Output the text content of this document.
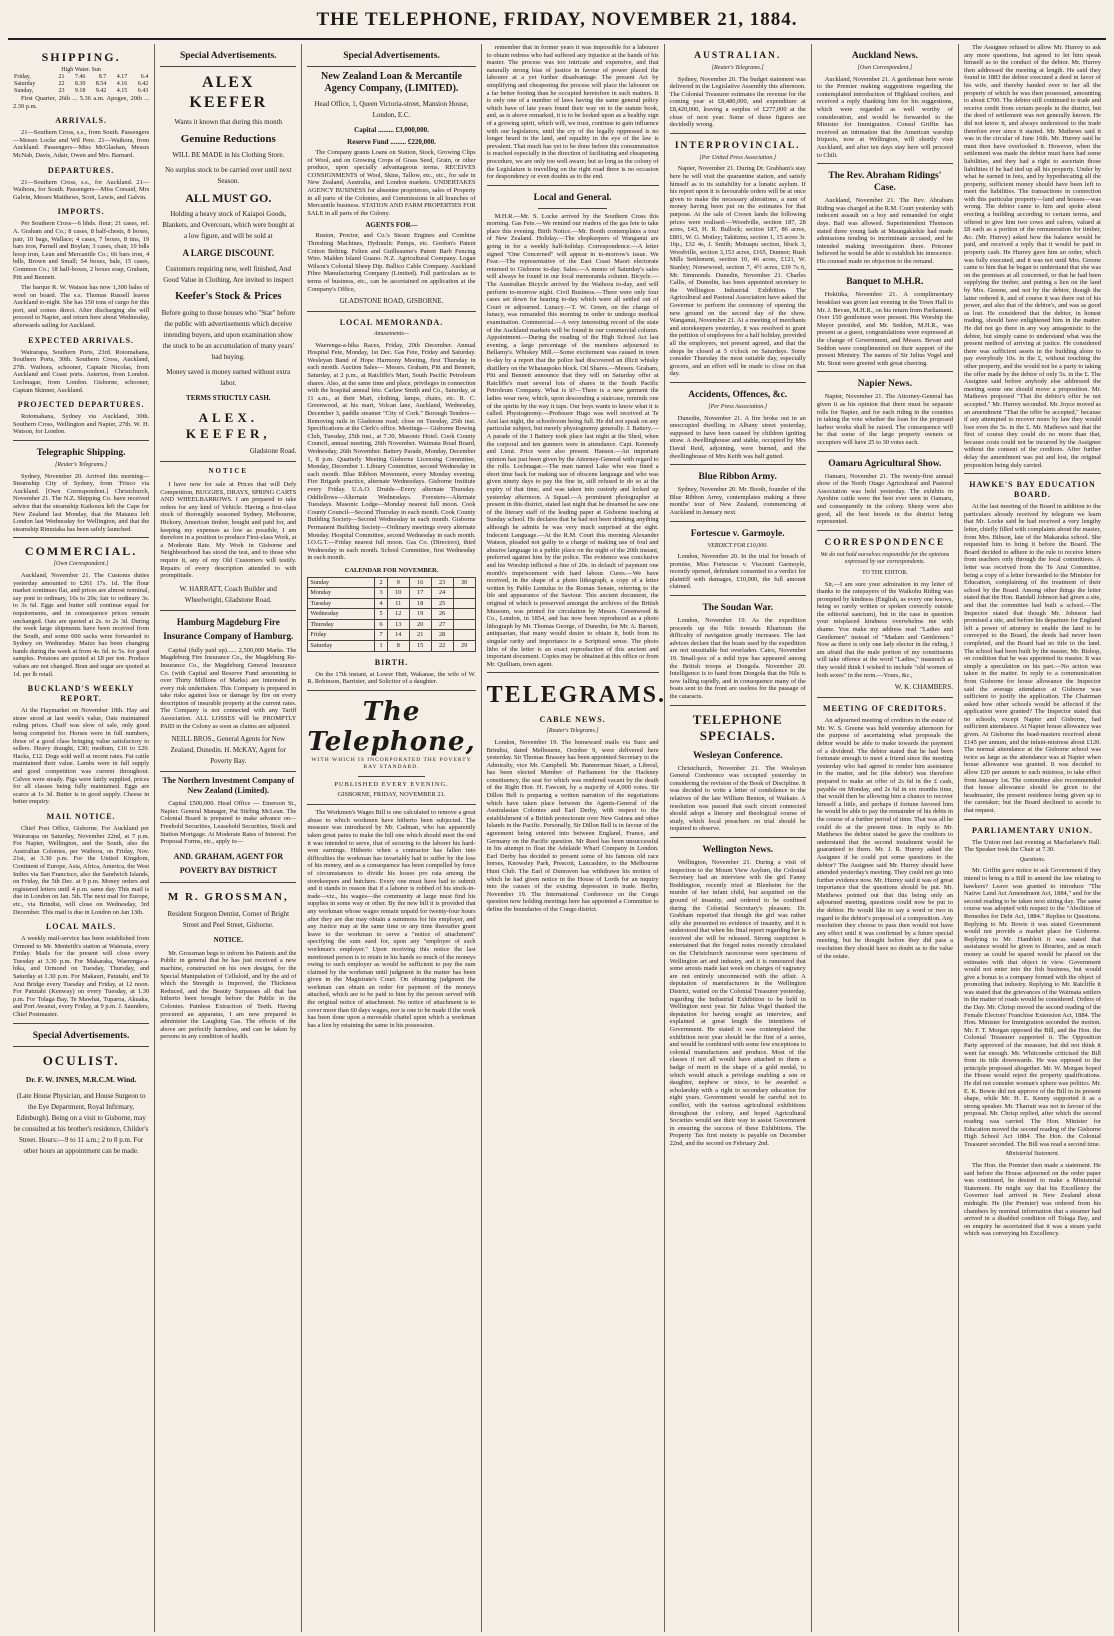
THE TELEPHONE, FRIDAY, NOVEMBER 21, 1884.
SHIPPING.
High Water. Sun
Friday,	21	7.46	8.7	4.17	6.4
Saturday	22	8.30	8.54	4.16	6.42
Sunday,	23	9.18	9.42	4.15	6.43
First Quarter, 26th ... 5.36 a.m. Apogee, 20th ... 2.30 p.m.
ARRIVALS.
21—Southern Cross, s.s., from South. Passengers—Messrs Locke and Wil Pere. 21—Waihora, from Auckland. Passengers—Miss McGlashan, Messrs McNab, Davis, Adair, Owen and Mrs. Barnard.
DEPARTURES.
21—Southern Cross, s.s., for Auckland. 21—Waihora, for South. Passengers—Miss Corsaid, Mrs Galvin, Messrs Matthews, Scott, Lewis, and Galvin.
IMPORTS.
Per Southern Cross—6 hhds. flour; 21 cases, ref. A. Graham and Co.; 8 cases, 8 half-chests, 8 boxes, pair, 10 bags, Wallace; 4 cases, 7 boxes, 8 tins, 19 bars iron, Parnell and Boylan; 3 cases, chair, 19 bdls hoop iron, Lean and Mercantile Co.; 66 bars iron, 4 bdls, Brown and Small; 54 boxes, bale, 15 cases, Common Co.; 18 half-boxes, 2 boxes soap, Graham, Pitt and Bennett.
The barque R. W. Watson has now 1,300 bales of wool on board. The s.s. Thomas Russell leaves Auckland to-night. She has 150 tons of cargo for this port, and comes direct. After discharging she will proceed to Napier, and return here about Wednesday, afterwards sailing for Auckland.
EXPECTED ARRIVALS.
Wairarapa, Southern Ports, 23rd. Rotomahana, Southern Ports, 30th. Southern Cross, Auckland, 27th. Waihora, schooner, Captain Nicolas, from Auckland and Coast ports. Asterion, from London. Lochnagar, from London. Gisborne, schooner, Captain Skinner, Auckland.
PROJECTED DEPARTURES.
Rotomahana, Sydney via Auckland, 30th. Southern Cross, Wellington and Napier, 27th. W. H. Watson, for London.
Telegraphic Shipping.
[Reuter's Telegrams.]
Sydney, November 20. Arrived this morning—Steamship City of Sydney, from 'Frisco via Auckland. [Own Correspondent.] Christchurch, November 21. The N.Z. Shipping Co. have received advice that the steamship Kaikoura left the Cape for New Zealand last Monday, that the Mataura left London last Wednesday for Wellington, and that the steamship Rimutaka has been safely launched.
COMMERCIAL.
[Own Correspondent.]
Auckland, November 21. The Customs duties yesterday amounted to £261 17s. 1d. The flour market continues flat, and prices are almost nominal, say pont to ordinary, 10s to 20s; fair to ordinary 3s. to 3s 6d. Eggs and butter still continue equal for requirements, and in consequence prices remain unchanged. Oats are quoted at 2s. to 2s 3d. During the week large shipments have been received from the South, and some 600 sacks were forwarded to Sydney on Wednesday. Maize has been changing hands during the week at from 4s. 6d. to 5s. for good samples. Potatoes are quoted at £8 per ton. Produce values are not changed. Bran and sugar are quoted at 1d. per lb retail.
BUCKLAND'S WEEKLY REPORT.
At the Haymarket on November 18th. Hay and straw stood at last week's value, Oats maintained ruling prices. Chaff was slow of sale, only good being competed for. Horses were in full numbers, those of a good class bringing value satisfactory to sellers. Heavy draught, £30; medium, £16 to £20. Hacks, £12. Dogs sold well at recent rates. Fat cattle maintained their value. Lambs were in full supply and good competition was current throughout. Calves were steady. Pigs were fairly supplied, prices for all classes being fully maintained. Eggs are scarce at 1s 3d. Butter is in good supply. Cheese in better enquiry.
MAIL NOTICE.
Chief Post Office, Gisborne. For Auckland per Wairarapa on Saturday, November 22nd, at 7 p.m. For Napier, Wellington, and the South, also the Australian Colonies, per Waihora, on Friday, Nov. 21st, at 3.30 p.m. For the United Kingdom, Continent of Europe, Asia, Africa, America, the West Indies via San Francisco, also the Sandwich Islands, on Friday, the 5th Dec. at 9 p.m. Money orders and registered letters until 4 p.m. same day. This mail is due in London on Jan. 5th. The next mail for Europe, etc., via Brindisi, will close on Wednesday, 3rd December. This mail is due in London on Jan 13th.
LOCAL MAILS.
A weekly mail-service has been established from Ormond to Mr. Menteith's station at Waimata, every Friday. Mails for the present will close every Tuesday at 3.30 p.m. For Makaraka, Waerenga-a-hika, and Ormond on Tuesday, Thursday, and Saturday at 1.30 p.m. For Makauri, Patutahi, and Te Arai Bridge every Tuesday and Friday, at 12 noon. For Patutahi (Kenway) on every Tuesday, at 1.30 p.m. For Tolaga Bay, Te Mawhai, Tuparoa, Akuaka, and Port Awanui, every Friday, at 9 p.m. J. Saunders, Chief Postmaster.
Special Advertisements.
OCULIST.
Dr. F. W. INNES, M.R.C.M. Wind.
(Late House Physician, and House Surgeon to the Eye Department, Royal Infirmary, Edinburgh). Being on a visit to Gisborne, may be consulted at his brother's residence, Childer's Street. Hours:—9 to 11 a.m.; 2 to 8 p.m. For other hours an appointment can be made.
Special Advertisements.
ALEX KEEFER
Wants it known that during this month
Genuine Reductions
WILL BE MADE in his Clothing Store.
No surplus stock to be carried over until next Season.
ALL MUST GO.
Holding a heavy stock of Kaiapoi Goods, Blankets, and Overcoats, which were bought at a low figure, and will be sold at
A LARGE DISCOUNT.
Customers requiring new, well finished, And Good Value in Clothing, Are invited to inspect
Keefer's Stock & Prices
Before going to those houses who "Star" before the public with advertisements which deceive intending buyers, and upon examination show the stock to be an accumulation of many years' bad buying.
Money saved is money earned without extra labor.
TERMS STRICTLY CASH.
ALEX. KEEFER,
Gladstone Road.
NOTICE
I have now for sale at Prices that will Defy Competition, BUGGIES, DRAYS, SPRING CARTS AND WHEELBARROWS. I am prepared to take orders for any kind of Vehicle. Having a first-class stock of thoroughly seasoned Sydney, Melbourne, Hickory, American timber, bought and paid for, and keeping my expenses as low as possible, I am therefore in a position to produce First-class Work, at a Moderate Rate. My Work in Gisborne and Neighbourhood has stood the test, and to those who require it, any of my Old Customers will testify. Repairs of every description attended to with promptitude.
W. HARRATT, Coach Builder and Wheelwright, Gladstone Road.
Hamburg Magdeburg Fire Insurance Company of Hamburg.
Capital (fully paid up)...... 2,500,000 Marks. The Magdeburg Fire Insurance Co., the Magdeburg Re-Insurance Co., the Magdeburg General Insurance Co. (with Capital and Reserve Fund amounting to over Thirty Millions of Marks) are interested in every risk undertaken. This Company is prepared to take risks against loss or damage by fire on every description of insurable property at the current rates. The Company is not connected with any Tariff Association. ALL LOSSES will be PROMPTLY PAID in the Colony as soon as claims are adjusted.
NEILL BROS., General Agents for New Zealand, Dunedin. H. McKAY, Agent for Poverty Bay.
The Northern Investment Company of New Zealand (Limited).
Capital £500,000. Head Office — Emerson St., Napier. General Manager, Pat Stirling McLean. The Colonial Board is prepared to make advance on—Freehold Securities, Leasehold Securities, Stock and Station Mortgage. At Moderate Rates of Interest. For Proposal Forms, etc., apply to—
AND. GRAHAM, AGENT FOR POVERTY BAY DISTRICT
M R. GROSSMAN,
Resident Surgeon Dentist, Corner of Bright Street and Peel Street, Gisborne.
NOTICE.
Mr. Grossman begs to inform his Patients and the Public in general that he has just received a new machine, constructed on his own designs, for the Special Manipulation of Celluloid, and by the aid of which the Strength is Improved, the Thickness Reduced, and the Beauty Surpasses all that has hitherto been brought before the Public in the Colonies. Painless Extraction of Teeth. Having procured an apparatus, I am now prepared to administer the Laughing Gas. The effects of the above are perfectly harmless, and can be taken by persons in any condition of health.
Special Advertisements.
New Zealand Loan & Mercantile Agency Company, (LIMITED).
Head Office, 1, Queen Victoria-street, Mansion House, London, E.C.
Capital ......... £3,000,000.
Reserve Fund ......... £220,000.
The Company grants Loans on Station, Stock, Growing Clips of Wool, and on Growing Crops of Grass Seed, Grain, or other produce, upon specially advantageous terms. RECEIVES CONSIGNMENTS of Wool, Skins, Tallow, etc., etc., for sale in New Zealand, Australia, and London markets. UNDERTAKES AGENCY BUSINESS for absentee proprietors, sales of Property in all parts of the Colonies, and Commissions in all branches of Mercantile business. STATION AND FARM PROPERTIES FOR SALE in all parts of the Colony.
AGENTS FOR—
Ruston, Proctor, and Co.'s Steam Engines and Combine Threshing Machines, Hydraulic Pumps, etc. Gordon's Patent Cotton Belting. Felten and Guilleaume's Patent Barb Fencing Wire. Malden Island Guano. N.Z. Agricultural Company. Logan Wilson's Colonial Sheep Dip. Ballico Cable Company. Auckland Fibre Manufacturing Company (Limited). Full particulars as to terms of business, etc., can be ascertained on application at the Company's Office,
GLADSTONE ROAD, GISBORNE.
LOCAL MEMORANDA.
Amusements—
Waerenga-a-hika Races, Friday, 20th December. Annual Hospital Fete, Monday, 1st Dec. Gas Fete, Friday and Saturday. Wesleyan Band of Hope Harmony Meeting, first Thursday in each month. Auction Sales— Messrs. Graham, Pitt and Bennett, Saturday, at 2 p.m., at Ratcliffe's Mart, South Pacific Petroleum shares. Also, at the same time and place, privileges in connection with the hospital annual fete. Carlaw Smith and Co., Saturday, at 11 a.m., at their Mart, clothing, lamps, chairs, etc. R. C. Greenwood, at his mart, Volcan lane, Auckland, Wednesday, December 3, paddle steamer "City of Cork." Borough Tenders— Removing rails in Gladstone road; close on Tuesday, 25th inst. Specifications at the Clerk's office. Meetings— Gisborne Bowing Club, Tuesday, 25th inst., at 7.30, Masonic Hotel. Cook County Council, annual meeting, 26th November. Waimata Road Board, Wednesday, 26th November. Battery Parade, Monday, December 1, 8 p.m. Quarterly Meeting Gisborne Licensing Committee, Monday, December 1. Library Committee, second Wednesday in each month. Blue Ribbon Movement, every Monday evening. Fire Brigade practice, alternate Wednesdays. Gisborne Institute every Friday. U.A.O. Druids—Every alternate Thursday. Oddfellows—Alternate Wednesdays. Foresters—Alternate Tuesdays. Masonic Lodge—Monday nearest full moon. Cook County Council—Second Thursday in each month. Cook County Building Society—Second Wednesday in each month. Gisborne Permanent Building Society—Ordinary meetings every alternate Monday. Hospital Committee, second Wednesday in each month. I.O.G.T.—Friday nearest full moon. Gas Co. (Directors), third Wednesday in each month. School Committee, first Wednesday in each month.
CALENDAR FOR NOVEMBER.
Sunday	2	9	16	23	30
Monday	3	10	17	24	
Tuesday	4	11	18	25	
Wednesday	5	12	19	26	
Thursday	6	13	20	27	
Friday	7	14	21	28	
Saturday	1	8	15	22	29
BIRTH.
On the 17th instant, at Lower Hutt, Wakanae, the wife of W. R. Robinson, Barrister, and Solicitor of a daughter.
The Telephone,
WITH WHICH IS INCORPORATED THE POVERTY BAY STANDARD.
PUBLISHED EVERY EVENING.
GISBORNE, FRIDAY, NOVEMBER 21.
The Workmen's Wages Bill is one calculated to remove a great abuse to which workmen have hitherto been subjected. The measure was introduced by Mr. Cadman, who has apparently taken great pains to make the bill one which should meet the end it was intended to serve, that of securing to the laborer his hard-won earnings. Hitherto when a contractor has fallen into difficulties the workman has invariably had to suffer by the loss of his money, and as a consequence has been compelled by force of circumstances to divide his losses pro rata among the storekeepers and butchers. Every one must have had to submit and it stands to reason that if a laborer is robbed of his stock-in-trade—viz., his wages—the community at large must find his supplies in some way or other. By the new bill it is provided that any workman whose wages remain unpaid for twenty-four hours after they are due may obtain a summons for his employer, and any Justice may at the same time or any time thereafter grant leave to the workman to serve a "notice of attachment" specifying the sum sued for, upon any "employer of such workman's employer." Upon receiving this notice the last mentioned person is to retain in his hands so much of the moneys owing to such employer as would be sufficient to pay the sum claimed by the workman until judgment in the matter has been given in the Magistrate's Court. On obtaining judgment the workman can obtain an order for payment of the moneys attached, which are to be paid to him by the person served with the original notice of attachment. No notice of attachment is to cover more than 60 days wages, nor is one to be made if the work has been done upon a moveable chattel upon which a workman has a lien by retaining the same in his possession.
remember that in former years it was impossible for a labourer to obtain redress who had suffered any injustice at the hands of his master. The process was too intricate and expensive, and that naturally strong bias of justice in favour of power placed the labourer at a yet further disadvantage. The present Act by simplifying and cheapening the process will place the labourer on a far better footing than he occupied heretofore in such matters. It is only one of a number of laws having the same general policy which have of late years found their way on to the statute book, and, as is above remarked, it is to be looked upon as a healthy sign of a growing spirit, which will, we trust, continue to gain influence with our legislators, until the cry of the legally oppressed is no longer heard in the land, and equality in the eye of the law is prevalent. That much has yet to be done before this consummation is reached especially in the direction of facilitating and cheapening procedure, we are only too well aware; but so long as the colony of the Legislature is travelling on the right road there is no occasion for despondency or even doubts as to the end.
Local and General.
M.H.R.—Mr. S. Locke arrived by the Southern Cross this morning. Gas Fete.—We remind our readers of the gas fete to take place this evening. Birth Notice.—Mr. Booth contemplates a tour of New Zealand. Holiday.—The shopkeepers of Wanganui are going in for a weekly half-holiday. Correspondence.—A letter signed "One Concerned" will appear in to-morrow's issue. We Fear.—The representative of the East Coast Maori electorate returned to Gisborne to-day. Sales.—A memo of Saturday's sales will always be found in our local memoranda column. Bicycle.—The Australian Bicycle arrived by the Waihora to-day, and will perform to-morrow night. Civil Business.—There were only four cases set down for hearing to-day which were all settled out of Court or adjourned. Lunacy.—T. W. Green, on the charge of lunacy, was remanded this morning in order to undergo medical examination. Commercial.—A very interesting record of the state of the Auckland markets will be found in our commercial column. Appointment.—During the reading of the High School Act last evening, a large percentage of the members adjourned to Bellamy's. Whiskey Mill.—Some excitement was caused in town to-day by a report that the police had discovered an illicit whisky distillery on the Whataupoko block. Oil Shares.—Messrs. Graham, Pitt and Bennett announce that they will on Saturday offer at Ratcliffe's mart several lots of shares in the South Pacific Petroleum Company. What is it?—There is a new garment the ladies wear now, which, upon descending a staircase, reminds one of the spirits by the way it taps. Our boys wants to know what it is called. Physiognomy.—Professor Hugo was well received at Te Arai last night, the schoolroom being full. He did not speak on any particular subject, but merely physiognomy generally. J. Battery.—A parade of the J Battery took place last night at the Shed, when the corporal and ten gunners were in attendance. Capt. Kennedy and Lieut. Price were also present. Hansen.—An important opinion has just been given by the Attorney-General with regard to the rolls. Lochnagar.—The man named Lake who was fined a short time back for making use of obscene language and who was given ninety days to pay the fine in, still refused to do so at the expiry of that time, and was taken into custody and locked up yesterday afternoon. A Squad.—A prominent photographer at present in this district, stated last night that he dreamed he saw one of the literary staff of the leading paper at Gisborne teaching at Sunday school. He declares that he had not been drinking anything although he admits he was very much surprised at the sight. Indecent Language.—At the R.M. Court this morning Alexander Watson, pleaded not guilty to a charge of making use of foul and abusive language in a public place on the night of the 20th instant, preferred against him by the police. The evidence was conclusive and his Worship inflicted a fine of 20s. in default of payment one month's imprisonment with hard labour. Cures.—We have received, in the shape of a photo lithograph, a copy of a letter written by Pablo Lentulus to the Roman Senate, referring to the life and appearance of the Saviour. This ancient document, the original of which is preserved amongst the archives of the British Museum, was printed for circulation by Messrs. Greenwood & Co., London, in 1854, and has now been reproduced as a photo lithograph by Mr. Thomas George, of Dunedin, for Mr. A. Barnett, antiquarian, that many would desire to obtain it, both from its singular rarity and importance in a Scriptural sense. The photo litho of the letter is an exact reproduction of this ancient and important document. Copies may be obtained at this office or from Mr. Quilliam, town agent.
TELEGRAMS.
CABLE NEWS.
[Reuter's Telegrams.]
London, November 19. The homeward mails via Suez and Brindisi, dated Melbourne, October 9, were delivered here yesterday. Sir Thomas Brassey has been appointed Secretary to the Admiralty, vice Mr. Campbell. Mr. Bannerman Stuart, a Liberal, has been elected Member of Parliament for the Hackney constituency, the seat for which was rendered vacant by the death of the Right Hon. H. Fawcett, by a majority of 4,000 votes. Sir Dillon Bell is preparing a written narration of the negotiations which have taken place between the Agents-General of the Australasian Colonies and Earl Derby, with respect to the establishment of a British protectorate over New Guinea and other Islands in the Pacific. Personally, Sir Dillon Bell is in favour of the agreement being entered into between England, France, and Germany on the Pacific question. Mr Reed has been unsuccessful in his attempt to float the Adelaide Wharf Company in London. Earl Derby has decided to present some of his famous old race horses, Knowsley Park, Prescott, Lancashire, to the Melbourne Hunt Club. The Earl of Dunraven has withdrawn his motion of which he had given notice in the House of Lords for an inquiry into the causes of the existing depression in trade. Berlin, November 19. The International Conference on the Congo question now holding meetings here has appointed a Committee to define the boundaries of the Congo district.
AUSTRALIAN.
[Reuter's Telegrams.]
Sydney, November 20. The budget statement was delivered in the Legislative Assembly this afternoon. The Colonial Treasurer estimates the revenue for the coming year at £8,480,000, and expenditure at £8,420,000, leaving a surplus of £277,000 at the close of next year. Some of these figures are decidedly wrong.
INTERPROVINCIAL.
[Per United Press Association.]
Napier, November 21. During Dr. Grabham's stay here he will visit the quarantine station, and satisfy himself as to its suitability for a lunatic asylum. If his report upon it is favourable orders will be at once given to make the necessary alterations, a sum of money having been put on the estimates for that purpose. At the sale of Crown lands the following prices were realised:—Woodville, section 187, 28 acres, £43, H. R. Bullock; section 187, 86 acres, £801, W. G. Motley; Takitimu, section 1, 15 acres 3r. 16p., £32 4s, J. Smith; Motuapu section, block 3, Woodville, section 3,153 acres, £165, Dunnor; Rush Mills Settlement, section 10, 46 acres, £121, W. Stanley; Norsewood, section 7, 4½ acres, £39 7s 6, Mr. Simmonds. Dunedin, November 21. Charles Callis, of Dunedin, has been appointed secretary to the Wellington Industrial Exhibition. The Agricultural and Pastoral Association have asked the Governor to perform the ceremony of opening the new ground on the second day of the show. Wanganui, November 21. At a meeting of merchants and storekeepers yesterday, it was resolved to grant the petition of employees for a half holiday, provided all the employers, not present agreed, and that the shops be closed at 5 o'clock on Saturdays. Some consider Thursday the most suitable day, especially grocers, and an effort will be made to close on that day.
Accidents, Offences, &c.
[Per Press Association.]
Dunedin, November 21. A fire broke out in an unoccupied dwelling in Albany street yesterday, supposed to have been caused by children igniting straw. A dwellinghouse and stable, occupied by Mrs David Reid, adjoining, were burned, and the dwellinghouse of Mrs Keith was half gutted.
Blue Ribbon Army.
Sydney, November 20. Mr. Booth, founder of the Blue Ribbon Army, contemplates making a three months' tour of New Zealand, commencing at Auckland in January next.
Fortescue v. Garmoyle.
VERDICT FOR £10,000.
London, November 20. In the trial for breach of promise, Miss Fortescue v. Viscount Garmoyle, recently opened, defendant consented to a verdict for plaintiff with damages, £10,000, the full amount claimed.
The Soudan War.
London, November 19. As the expedition proceeds up the Nile towards Khartoum the difficulty of navigation greatly increases. The last advices declare that the boats used by the expedition are not unsuitable but overladen. Cairo, November 19. Small-pox of a mild type has appeared among the British troops at Dongola. November 20. Intelligence is to hand from Dongola that the Nile is now falling rapidly, and in consequence many of the boats sent to the front are useless for the passage of the cataracts.
TELEPHONE SPECIALS.
Wesleyan Conference.
Christchurch, November 21. The Wesleyan General Conference was occupied yesterday in considering the revision of the Book of Discipline. It was decided to write a letter of condolence to the relatives of the late William Benton, of Waikato. A resolution was passed that each circuit connected should adopt a literary and theological course of study, which local preachers on trial should be required to observe.
Wellington News.
Wellington, November 21. During a visit of inspection to the Mount View Asylum, the Colonial Secretary had an interview with the girl Fanny Boddington, recently tried at Blenheim for the murder of her infant child, but acquitted on the ground of insanity, and ordered to be confined during the Colonial Secretary's pleasure. Dr. Grabham reported that though the girl was rather silly she presented no evidence of insanity, and it is understood that when his final report regarding her is received she will be released. Strong suspicion is entertained that the forged notes recently circulated on the Christchurch racecourse were specimens of Wellington art and industry, and it is rumoured that some arrests made last week on charges of vagrancy are not entirely unconnected with the affair. A deputation of manufacturers in the Wellington District, waited on the Colonial Treasurer yesterday, regarding the Industrial Exhibition to be held in Wellington next year. Sir Julius Vogel thanked the deputation for having sought an interview, and explained at great length the intentions of Government. He stated it was contemplated the exhibition next year should be the first of a series, and would be combined with some few exceptions to colonial manufactures and produce. Most of the classes if not all would have attached to them a badge of merit in the shape of a gold medal, to which would attach a privilege enabling a son or daughter, nephew or niece, to be awarded a scholarship with a right to secondary education for eight years. Government would be careful not to conflict, with the various agricultural exhibitions throughout the colony, and hoped Agricultural Societies would see their way to assist Government in ensuring the success of these Exhibitions. The Property Tax first moiety is payable on December 22nd, and the second on February 2nd.
Auckland News.
[Own Correspondent.]
Auckland, November 21. A gentleman here wrote to the Premier making suggestions regarding the contemplated introduction of Highland crofters, and received a reply thanking him for his suggestions, which were regarded as well worthy of consideration, and would be forwarded to the Minister for Immigration. Consul Griffin has received an intimation that the American warship Iriquois, now at Wellington, will shortly visit Auckland, and after ten days stay here will proceed to Chili.
The Rev. Abraham Ridings' Case.
Auckland, November 21. The Rev. Abraham Riding was charged at the R.M. Court yesterday with indecent assault on a boy and remanded for eight days. Bail was allowed. Superintendent Thomson stated three young lads at Maungakiekie had made admissions tending to incriminate accused, and he intended making investigation there. Prisoner believed he would be able to establish his innocence. His counsel made no objection to the remand.
Banquet to M.H.R.
Hokitika, November 21. A complimentary breakfast was given last evening in the Town Hall to Mr. J. Bevan, M.H.R., on his return from Parliament. Over 150 gentlemen were present. His Worship the Mayor presided, and Mr. Seddon, M.H.R., was present as a guest, congratulations were expressed at the change of Government, and Messrs. Bevan and Seddon were complimented on their support of the present Ministry. The names of Sir Julius Vogel and Mr. Stout were greeted with great cheering.
Napier News.
Napier, November 21. The Attorney-General has given it as his opinion that there must be separate rolls for Napier, and for each riding in the counties in taking the vote whether the loan for the proposed harbor works shall be raised. The consequence will be that some of the large property owners or occupiers will have 25 to 30 votes each.
Oamaru Agricultural Show.
Oamaru, November 21. The twenty-first annual show of the North Otago Agricultural and Pastoral Association was held yesterday. The exhibits in Ayrshire cattle were the best ever seen in Oamaru, and consequently in the colony. Sheep were also good, all the best breeds in the district being represented.
CORRESPONDENCE
We do not hold ourselves responsible for the opinions expressed by our correspondents.
TO THE EDITOR.
Sir,—I am sure your admiration in my letter of thanks to the ratepayers of the Waikohu Riding was prompted by kindness (English, as every one knows, being so rarely written or spoken correctly outside the editorial sanctum), but in the case in question your misplaced kindness overwhelms me with shame. You make my address read "Ladies and Gentlemen" instead of "Madam and Gentlemen." Now as there is only one lady elector in the riding, I am afraid that the male portion of my constituents will take offence at the word "Ladies," inasmuch as they would think I wished to include "old women of both sexes" in the term.—Yours, &c.,
W. K. CHAMBERS.
MEETING OF CREDITORS.
An adjourned meeting of creditors in the estate of Mr. W. S. Greene was held yesterday afternoon for the purpose of ascertaining what proposals the debtor would be able to make towards the payment of a dividend. The debtor stated that he had been fortunate enough to meet a friend since the meeting yesterday who had agreed to render him assistance in the matter, and he (the debtor) was therefore prepared to make an offer of 2s 6d in the £ cash, payable on Monday, and 2s 6d in six months time, that would then be allowing him a chance to recover himself a little, and perhaps if fortune favored him he would be able to pay the remainder of his debts in the course of a further period of time. That was all he could do at the present time. In reply to Mr. Matthews the debtor stated he gave the creditors to understand that the second instalment would be guaranteed to them. Mr. J. R. Hurrey asked the Assignee if he could put some questions to the debtor? The Assignee said Mr. Hurrey should have attended yesterday's meeting. They could not go into further evidence now. Mr. Hurrey said it was of great importance that the questions should be put. Mr. Matthews pointed out that this being only an adjourned meeting, questions could now be put to the debtor. He would like to say a word or two in regard to the debtor's proposal of a composition. Any resolution they choose to pass then would not have any effect until it was confirmed by a future special meeting, but he thought before they did pass a resolution they should have no doubt as to the value of the estate.
The Assignee refused to allow Mr. Hurrey to ask any more questions, but agreed to let him speak himself as to the conduct of the debtor. Mr. Hurrey then addressed the meeting at length. He said they found in 1883 the debtor executed a deed in favor of his wife, and thereby handed over to her all the property of which he was then possessed, amounting to about £700. The debtor still continued to trade and receive credit from certain people in the district, but the deed of settlement was not generally known. He did not know it, and always understood to the trade therefore ever since it started. Mr. Mathews said it was in the circular of June 16th. Mr. Hurrey said he must then have overlooked it. However, when the settlement was made the debtor must have had some liabilities, and they had a right to ascertain those liabilities if he had tied up all his property. Under by what he earned in fees, and by hypothecating all the property, sufficient money should have been left to meet the liabilities. The transactions in connection with this particular property—land and houses—was wrong. The debtor came to him and spoke about erecting a building according to certain terms, and offered to give him two cows and calves, valued at £8 each as a portion of the remuneration for timber, &c. (Mr. Hurrey) asked how the balance would be paid, and received a reply that it would be paid in property cash. He Hurrey gave him an order, which was fully executed, and it was not until Mrs. Greene came to him that he began to understand that she was on the premises at all concerned, or that he had been supplying the timber, and putting a lien on the land by Mrs. Greene, and not by the debtor, though the latter ordered it, and of course it was there out of his power, and also that of the debtor's, and was as good as lost. He considered that the debtor, in honest trading, should have enlightened him in the matter. He did not go there in any way antagonistic to the debtor, but simply came to understand what was the present method of arriving at justice. He considered there was sufficient assets in the building alone to pay everybody 10s. in the £, without touching the other property, and the would not be a party to taking the offer made by the debtor of only 5s. in the £. The Assignee said before anybody else addressed the meeting some one should move a proposition. Mr. Mathews proposed "That the debtor's offer be not accepted." Mr. Hurrey seconded. Mr. Joyce moved as an amendment "That the offer be accepted," because if any attempted to recover more by law they would lose even the 5s. in the £. Mr. Mathews said that the first of course they could do no more than that, because costs could not be incurred by the Assignee without the consent of the creditors. After further delay the amendment was put and lost, the original proposition being duly carried.
HAWKE'S BAY EDUCATION BOARD.
At the last meeting of the Board in addition to the particulars already received by telegram we learn that Mr. Locke said he had received a very lengthy letter, chiefly filled with complaints about the master, from Mrs. Bibson, late of the Makaraka school. She requested him to bring it before the Board. The Board decided to adhere to the rule to receive letters from teachers only through the local committees. A letter was received from the Te Arai Committee, being a copy of a letter forwarded to the Minister for Education, complaining of the treatment of their school by the Board. Among other things the letter stated that the Hon. Randall Johnson had given a site, and that the committee had built a school.—The Inspector stated that though Mr. Johnson had promised a site, and before his departure for England left a power of attorney to enable the land to be conveyed to the Board, the deeds had never been completed, and the Board had no title to the land. The school had been built by the master, Mr. Bishop, on condition that he was appointed its master. It was simply a speculation on his part.—No action was taken in the matter. In reply to a communication from Gisborne for house allowance the Inspector said the average attendance at Gisborne was sufficient to justify the application. The Chairman asked how other schools would be affected if the application were granted? The Inspector stated that no schools, except Napier and Gisborne, had sufficient attendance. At Napier house allowance was given. At Gisborne the head-masters received about £145 per annum, and the infant-mistress about £120. The normal attendance at the Gisborne school was twice as large as the attendance was at Napier when house allowance was granted. It was decided to allow £20 per annum to each mistress, to take effect from January 1st. The committee also recommended that house allowance should be given to the headmaster, the present residence being given up to the caretaker; but the Board declined to accede to that request.
PARLIAMENTARY UNION.
The Union met last evening at Macfarlane's Hall. The Speaker took the Chair at 7.30.
Questions.
Mr. Griffin gave notice to ask Government if they intend to bring in a Bill to amend the law relating to hawkers? Leave was granted to introduce "The Native Land Act Amendment Act, 1884," and for the second reading to be taken next sitting day. The same course was adopted with respect to the "Abolition of Remedies for Debt Act, 1884." Replies to Questions. Replying to Mr. Bowie it was stated Government would not provide a market place for Gisborne. Replying to Mr. Hamblett it was stated that assistance would be given to libraries, and as much money as could be spared would be placed on the estimates with that object in view. Government would not enter into the fish business, but would give a bonus to a company formed with the object of promoting that industry. Replying to Mr. Ratcliffe it was stated that the grievances of the Waimata settlers in the matter of roads would be considered. Orders of the Day. Mr. Chrisp moved the second reading of the Female Electors' Franchise Extension Act, 1884. The Hon. Minister for Immigration seconded the motion. Mr. F. T. Morgan opposed the Bill, and the Hon. the Colonial Treasurer supported it. The Opposition Party approved of the measure, but did not think it went far enough. Mr. Whitcombe criticised the Bill from its title downwards. He was opposed to the principle proposed altogether. Mr. W. Morgan hoped the House would reject the property qualifications. He did not consider woman's sphere was politics. Mr. E. K. Bowie did not approve of the Bill in its present shape, while Mr. H. E. Kenny supported it as a strong speaker. Mr. Tharratt was not in favour of the proposal. Mr. Chrisp replied, after which the second reading was carried. The Hon. Minister for Education moved the second reading of the Gisborne High School Act 1884. The Hon. the Colonial Treasurer seconded. The Bill was read a second time.
Ministerial Statement.
The Hon. the Premier then made a statement. He said before the House adjourned on the order paper was continued, he desired to make a Ministerial Statement. He might say that his Excellency the Governor had arrived in New Zealand about midnight. He (the Premier) was ordered from his chambers by nominal information that a steamer had arrived in a disabled condition off Tolaga Bay, and on enquiry he ascertained that it was a steam yacht which was conveying his Excellency.
